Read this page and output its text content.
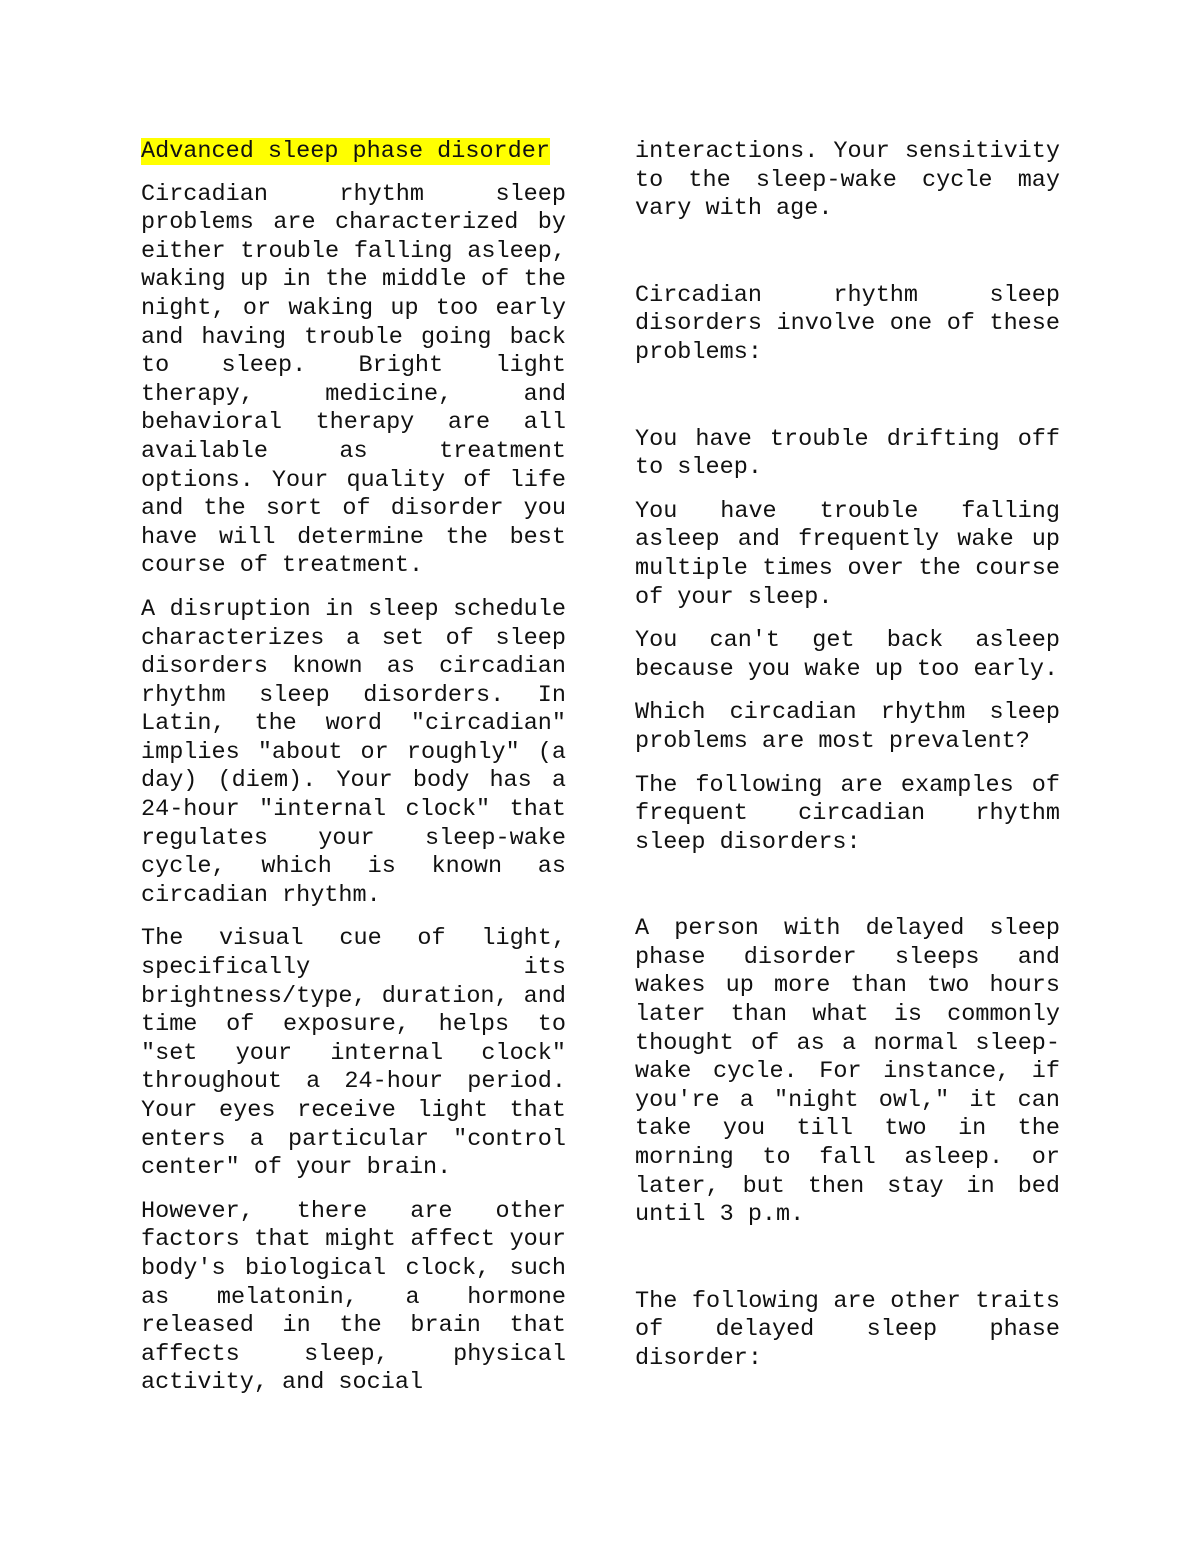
Advanced sleep phase disorder

Circadian rhythm sleep problems are characterized by either trouble falling asleep, waking up in the middle of the night, or waking up too early and having trouble going back to sleep. Bright light therapy, medicine, and behavioral therapy are all available as treatment options. Your quality of life and the sort of disorder you have will determine the best course of treatment.

A disruption in sleep schedule characterizes a set of sleep disorders known as circadian rhythm sleep disorders. In Latin, the word "circadian" implies "about or roughly" (a day) (diem). Your body has a 24-hour "internal clock" that regulates your sleep-wake cycle, which is known as circadian rhythm.

The visual cue of light, specifically its brightness/type, duration, and time of exposure, helps to "set your internal clock" throughout a 24-hour period. Your eyes receive light that enters a particular "control center" of your brain.

However, there are other factors that might affect your body's biological clock, such as melatonin, a hormone released in the brain that affects sleep, physical activity, and social

interactions. Your sensitivity to the sleep-wake cycle may vary with age.

Circadian rhythm sleep disorders involve one of these problems:

You have trouble drifting off to sleep.

You have trouble falling asleep and frequently wake up multiple times over the course of your sleep.

You can't get back asleep because you wake up too early.

Which circadian rhythm sleep problems are most prevalent?

The following are examples of frequent circadian rhythm sleep disorders:

A person with delayed sleep phase disorder sleeps and wakes up more than two hours later than what is commonly thought of as a normal sleep-wake cycle. For instance, if you're a "night owl," it can take you till two in the morning to fall asleep. or later, but then stay in bed until 3 p.m.

The following are other traits of delayed sleep phase disorder:
